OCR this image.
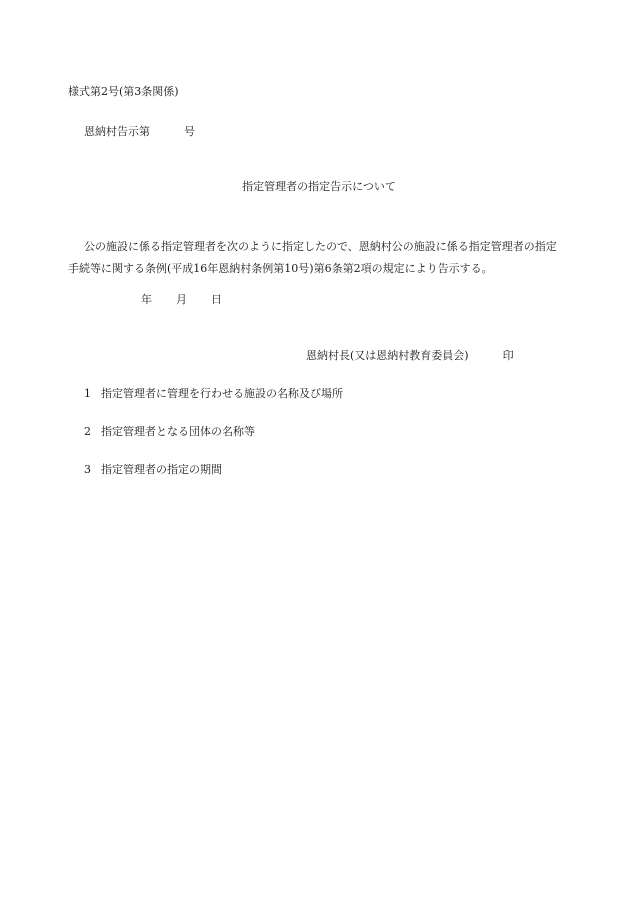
様式第2号(第3条関係)
恩納村告示第	号
指定管理者の指定告示について
公の施設に係る指定管理者を次のように指定したので、恩納村公の施設に係る指定管理者の指定手続等に関する条例(平成16年恩納村条例第10号)第6条第2項の規定により告示する。
年 月 日
恩納村長(又は恩納村教育委員会)	印
1 指定管理者に管理を行わせる施設の名称及び場所
2 指定管理者となる団体の名称等
3 指定管理者の指定の期間
